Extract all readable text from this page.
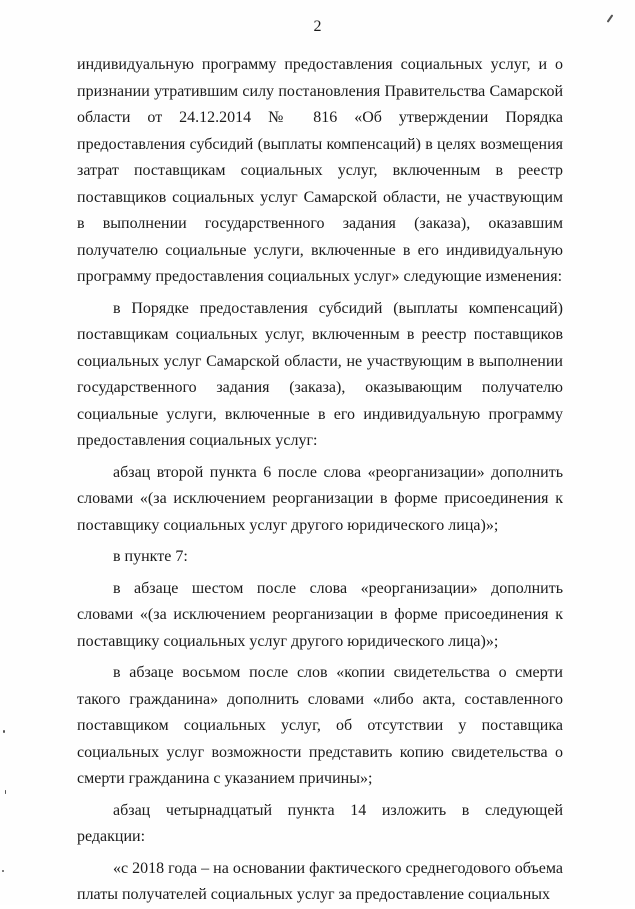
2

индивидуальную программу предоставления социальных услуг, и о признании утратившим силу постановления Правительства Самарской области от 24.12.2014 № 816 «Об утверждении Порядка предоставления субсидий (выплаты компенсаций) в целях возмещения затрат поставщикам социальных услуг, включенным в реестр поставщиков социальных услуг Самарской области, не участвующим в выполнении государственного задания (заказа), оказавшим получателю социальные услуги, включенные в его индивидуальную программу предоставления социальных услуг» следующие изменения:

в Порядке предоставления субсидий (выплаты компенсаций) поставщикам социальных услуг, включенным в реестр поставщиков социальных услуг Самарской области, не участвующим в выполнении государственного задания (заказа), оказывающим получателю социальные услуги, включенные в его индивидуальную программу предоставления социальных услуг:

абзац второй пункта 6 после слова «реорганизации» дополнить словами «(за исключением реорганизации в форме присоединения к поставщику социальных услуг другого юридического лица)»;

в пункте 7:

в абзаце шестом после слова «реорганизации» дополнить словами «(за исключением реорганизации в форме присоединения к поставщику социальных услуг другого юридического лица)»;

в абзаце восьмом после слов «копии свидетельства о смерти такого гражданина» дополнить словами «либо акта, составленного поставщиком социальных услуг, об отсутствии у поставщика социальных услуг возможности представить копию свидетельства о смерти гражданина с указанием причины»;

абзац четырнадцатый пункта 14 изложить в следующей редакции:

«с 2018 года – на основании фактического среднегодового объема платы получателей социальных услуг за предоставление социальных
